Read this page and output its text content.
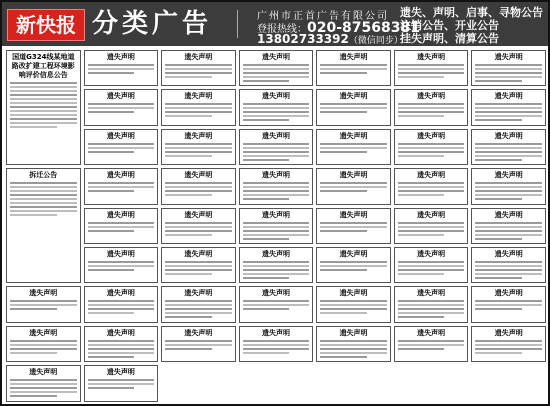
新快报 分类广告	广州市正首广告有限公司
登报热线：020-87568381
13802733392（微信同步）
遗失、声明、启事、寻物公告
注销公告、开业公告
挂失声明、清算公告
国道G324线某地道路改扩建工程环境影响评价信息公告
拆迁公告
遗失声明	遗失声明	遗失声明	遗失声明	遗失声明	遗失声明
遗失声明	遗失声明	遗失声明	遗失声明	遗失声明	遗失声明
遗失声明	遗失声明	遗失声明	遗失声明	遗失声明	遗失声明
遗失声明	遗失声明	遗失声明	遗失声明	遗失声明	遗失声明
遗失声明	遗失声明	遗失声明	遗失声明	遗失声明	遗失声明
遗失声明	遗失声明	遗失声明	遗失声明	遗失声明	遗失声明
遗失声明	遗失声明	遗失声明	遗失声明	遗失声明	遗失声明	遗失声明
遗失声明	遗失声明	遗失声明	遗失声明	遗失声明	遗失声明	遗失声明
遗失声明	遗失声明
